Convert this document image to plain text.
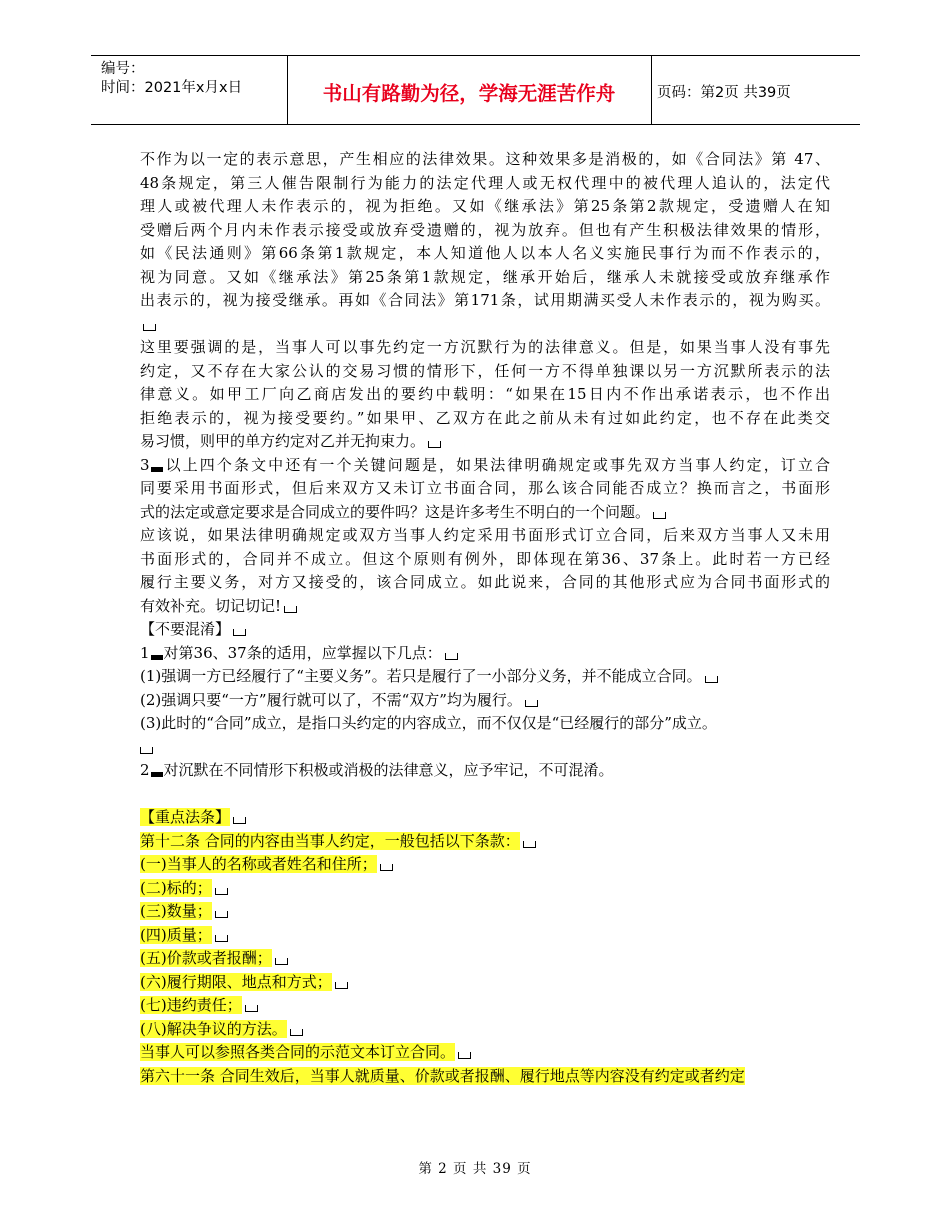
编号：
时间：2021年x月x日	书山有路勤为径，学海无涯苦作舟	页码：第2页 共39页
不作为以一定的表示意思，产生相应的法律效果。这种效果多是消极的，如《合同法》第 47、
48条规定，第三人催告限制行为能力的法定代理人或无权代理中的被代理人追认的，法定代
理人或被代理人未作表示的，视为拒绝。又如《继承法》第25条第2款规定，受遗赠人在知
受赠后两个月内未作表示接受或放弃受遗赠的，视为放弃。但也有产生积极法律效果的情形，
如《民法通则》第66条第1款规定，本人知道他人以本人名义实施民事行为而不作表示的，
视为同意。又如《继承法》第25条第1款规定，继承开始后，继承人未就接受或放弃继承作
出表示的，视为接受继承。再如《合同法》第171条，试用期满买受人未作表示的，视为购买。
这里要强调的是，当事人可以事先约定一方沉默行为的法律意义。但是，如果当事人没有事先
约定，又不存在大家公认的交易习惯的情形下，任何一方不得单独课以另一方沉默所表示的法
律意义。如甲工厂向乙商店发出的要约中载明：“如果在15日内不作出承诺表示，也不作出
拒绝表示的，视为接受要约。”如果甲、乙双方在此之前从未有过如此约定，也不存在此类交
易习惯，则甲的单方约定对乙并无拘束力。
3 以上四个条文中还有一个关键问题是，如果法律明确规定或事先双方当事人约定，订立合
同要采用书面形式，但后来双方又未订立书面合同，那么该合同能否成立？换而言之，书面形
式的法定或意定要求是合同成立的要件吗？这是许多考生不明白的一个问题。
应该说，如果法律明确规定或双方当事人约定采用书面形式订立合同，后来双方当事人又未用
书面形式的，合同并不成立。但这个原则有例外，即体现在第36、37条上。此时若一方已经
履行主要义务，对方又接受的，该合同成立。如此说来，合同的其他形式应为合同书面形式的
有效补充。切记切记!
【不要混淆】
1 对第36、37条的适用，应掌握以下几点：
(1)强调一方已经履行了“主要义务”。若只是履行了一小部分义务，并不能成立合同。
(2)强调只要“一方”履行就可以了，不需“双方”均为履行。
(3)此时的“合同”成立，是指口头约定的内容成立，而不仅仅是“已经履行的部分”成立。
2 对沉默在不同情形下积极或消极的法律意义，应予牢记，不可混淆。
【重点法条】
第十二条 合同的内容由当事人约定，一般包括以下条款：
(一)当事人的名称或者姓名和住所；
(二)标的；
(三)数量；
(四)质量；
(五)价款或者报酬；
(六)履行期限、地点和方式；
(七)违约责任；
(八)解决争议的方法。
当事人可以参照各类合同的示范文本订立合同。
第六十一条 合同生效后，当事人就质量、价款或者报酬、履行地点等内容没有约定或者约定
第 2 页 共 39 页
